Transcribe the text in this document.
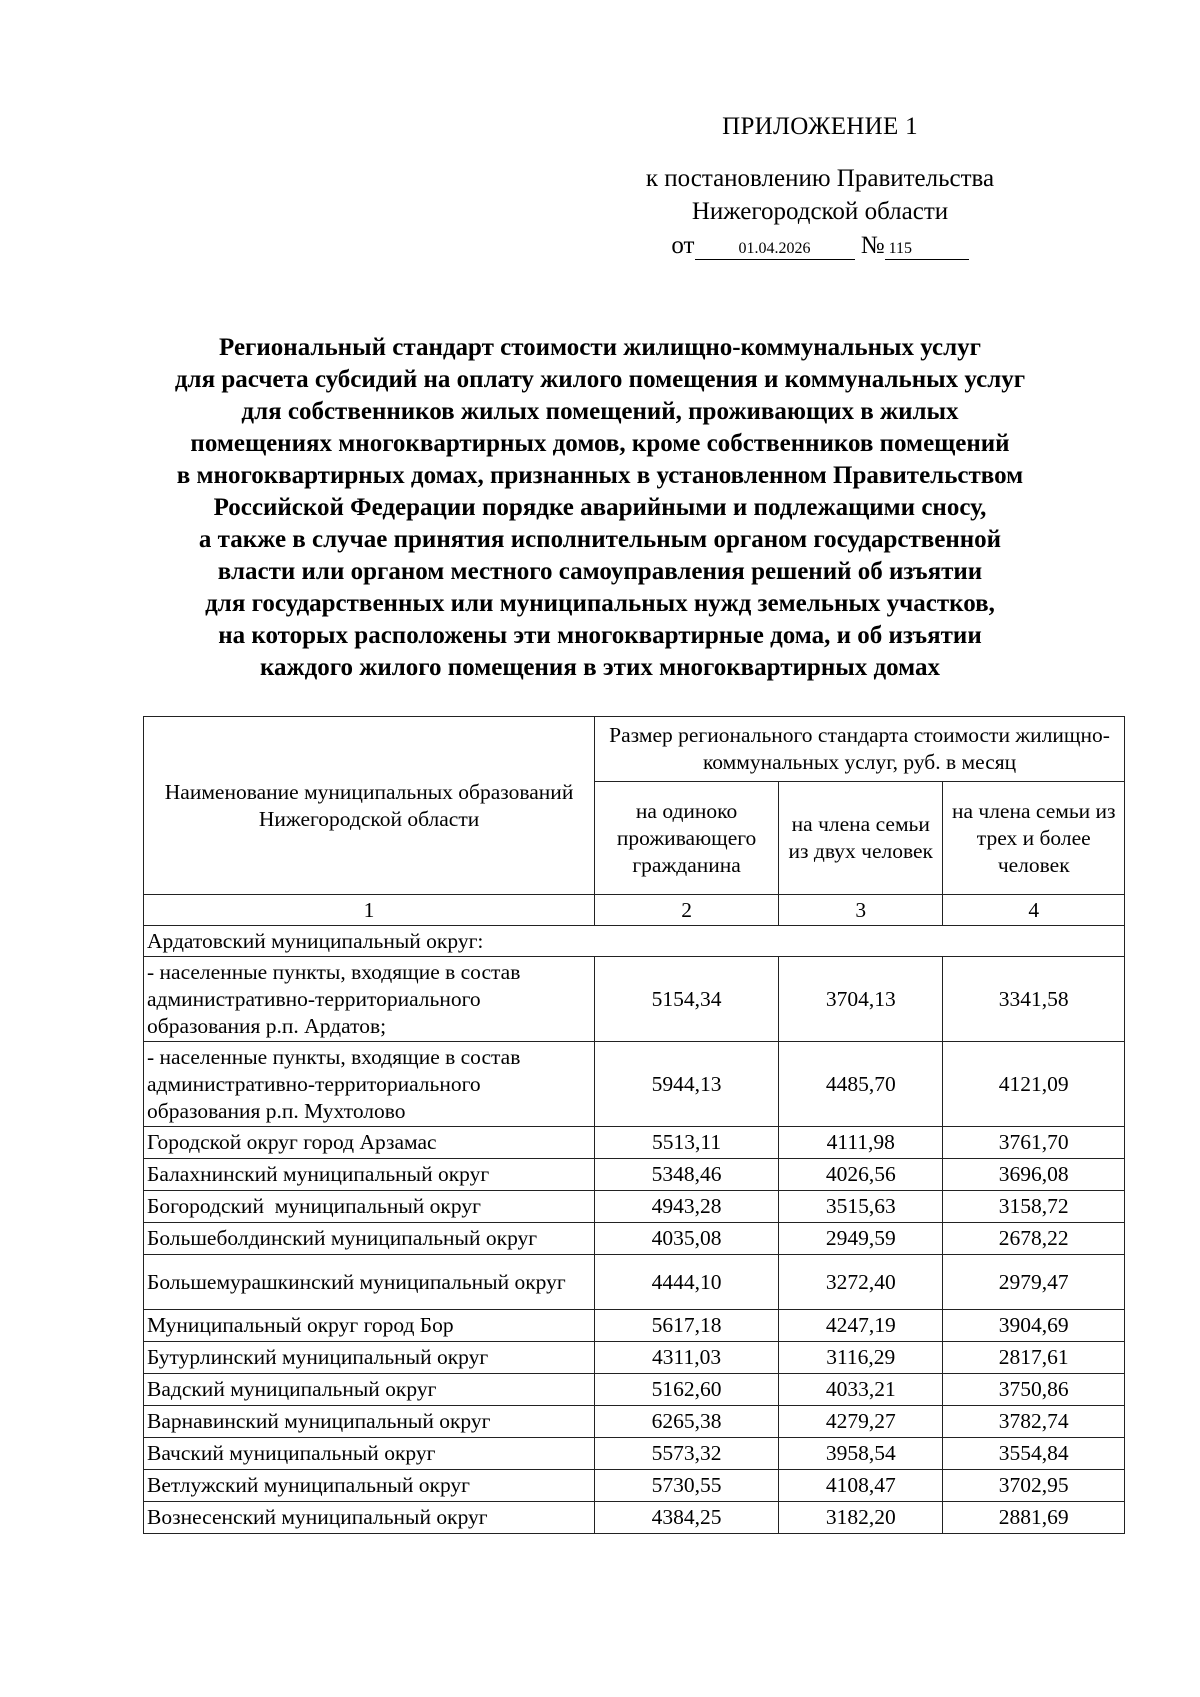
ПРИЛОЖЕНИЕ 1
к постановлению Правительства
Нижегородской области
от	01.04.2026 № 115
Региональный стандарт стоимости жилищно-коммунальных услуг
для расчета субсидий на оплату жилого помещения и коммунальных услуг
для собственников жилых помещений, проживающих в жилых
помещениях многоквартирных домов, кроме собственников помещений
в многоквартирных домах, признанных в установленном Правительством
Российской Федерации порядке аварийными и подлежащими сносу,
а также в случае принятия исполнительным органом государственной
власти или органом местного самоуправления решений об изъятии
для государственных или муниципальных нужд земельных участков,
на которых расположены эти многоквартирные дома, и об изъятии
каждого жилого помещения в этих многоквартирных домах
Наименование муниципальных образований Нижегородской области	Размер регионального стандарта стоимости жилищно-коммунальных услуг, руб. в месяц		
	на одиноко проживающего гражданина	на члена семьи из двух человек	на члена семьи из трех и более человек
1	2	3	4
Ардатовский муниципальный округ:			
- населенные пункты, входящие в состав административно-территориального образования р.п. Ардатов;	5154,34	3704,13	3341,58
- населенные пункты, входящие в состав административно-территориального образования р.п. Мухтолово	5944,13	4485,70	4121,09
Городской округ город Арзамас	5513,11	4111,98	3761,70
Балахнинский муниципальный округ	5348,46	4026,56	3696,08
Богородский  муниципальный округ	4943,28	3515,63	3158,72
Большеболдинский муниципальный округ	4035,08	2949,59	2678,22
Большемурашкинский муниципальный округ	4444,10	3272,40	2979,47
Муниципальный округ город Бор	5617,18	4247,19	3904,69
Бутурлинский муниципальный округ	4311,03	3116,29	2817,61
Вадский муниципальный округ	5162,60	4033,21	3750,86
Варнавинский муниципальный округ	6265,38	4279,27	3782,74
Вачский муниципальный округ	5573,32	3958,54	3554,84
Ветлужский муниципальный округ	5730,55	4108,47	3702,95
Вознесенский муниципальный округ	4384,25	3182,20	2881,69
